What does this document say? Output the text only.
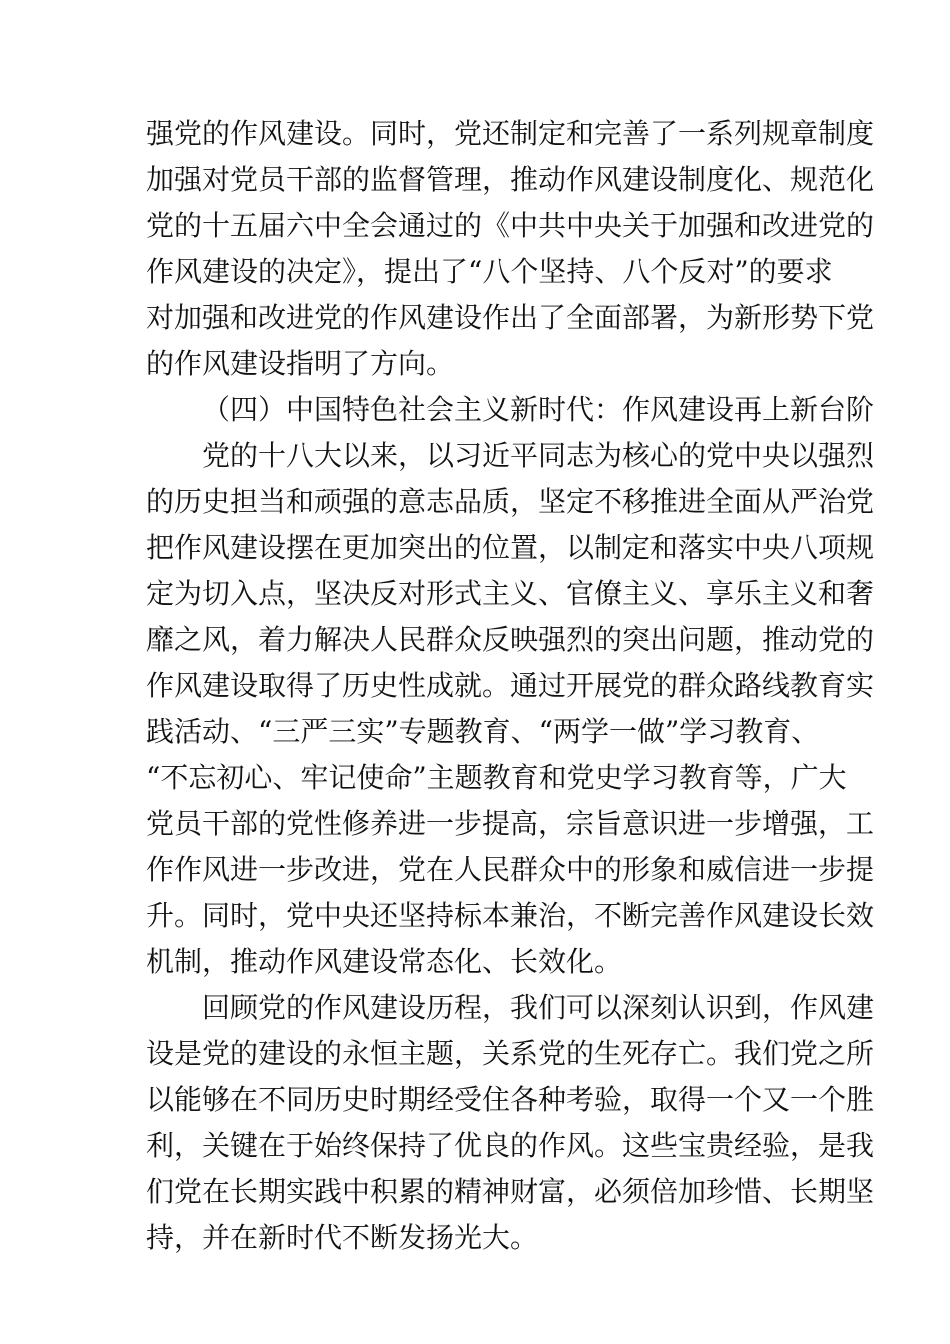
强党的作风建设。同时，党还制定和完善了一系列规章制度
加强对党员干部的监督管理，推动作风建设制度化、规范化
党的十五届六中全会通过的《中共中央关于加强和改进党的
作风建设的决定》，提出了“八个坚持、八个反对”的要求
对加强和改进党的作风建设作出了全面部署，为新形势下党
的作风建设指明了方向。
（四）中国特色社会主义新时代：作风建设再上新台阶
党的十八大以来，以习近平同志为核心的党中央以强烈
的历史担当和顽强的意志品质，坚定不移推进全面从严治党
把作风建设摆在更加突出的位置，以制定和落实中央八项规
定为切入点，坚决反对形式主义、官僚主义、享乐主义和奢
靡之风，着力解决人民群众反映强烈的突出问题，推动党的
作风建设取得了历史性成就。通过开展党的群众路线教育实
践活动、“三严三实”专题教育、“两学一做”学习教育、
“不忘初心、牢记使命”主题教育和党史学习教育等，广大
党员干部的党性修养进一步提高，宗旨意识进一步增强，工
作作风进一步改进，党在人民群众中的形象和威信进一步提
升。同时，党中央还坚持标本兼治，不断完善作风建设长效
机制，推动作风建设常态化、长效化。
回顾党的作风建设历程，我们可以深刻认识到，作风建
设是党的建设的永恒主题，关系党的生死存亡。我们党之所
以能够在不同历史时期经受住各种考验，取得一个又一个胜
利，关键在于始终保持了优良的作风。这些宝贵经验，是我
们党在长期实践中积累的精神财富，必须倍加珍惜、长期坚
持，并在新时代不断发扬光大。
